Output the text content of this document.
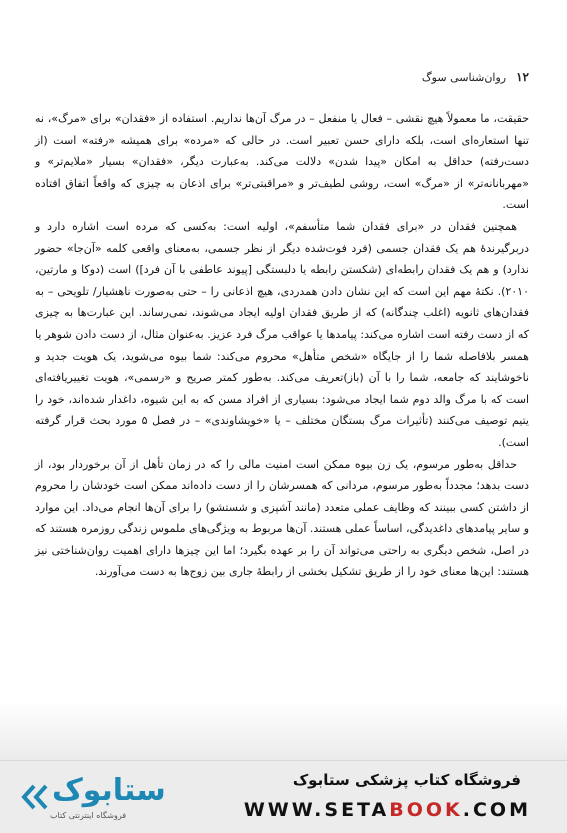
۱۲
روان‌شناسی سوگ

حقیقت، ما معمولاً هیچ نقشی – فعال یا منفعل – در مرگ آن‌ها نداریم. استفاده از «فقدان» برای «مرگ»، نه تنها استعاره‌ای است، بلکه دارای حسن تعبیر است. در حالی که «مرده» برای همیشه «رفته» است (از دست‌رفته) حداقل به امکان «پیدا شدن» دلالت می‌کند. به‌عبارت دیگر، «فقدان» بسیار «ملایم‌تر» و «مهربانانه‌تر» از «مرگ» است، روشی لطیف‌تر و «مراقبتی‌تر» برای اذعان به چیزی که واقعاً اتفاق افتاده است.

همچنین فقدان در «برای فقدان شما متأسفم»، اولیه است: به‌کسی که مرده است اشاره دارد و دربرگیرندهٔ هم یک فقدان جسمی (فرد فوت‌شده دیگر از نظر جسمی، به‌معنای واقعی کلمه «آن‌جا» حضور ندارد) و هم یک فقدان رابطه‌ای (شکستن رابطه یا دلبستگی [پیوند عاطفی با آن فرد]) است (دوکا و مارتین، ۲۰۱۰). نکتهٔ مهم این است که این نشان دادن همدردی، هیچ اذعانی را – حتی به‌صورت ناهشیار/ تلویحی – به فقدان‌های ثانویه (اغلب چندگانه) که از طریق فقدان اولیه ایجاد می‌شوند، نمی‌رساند. این عبارت‌ها به چیزی که از دست رفته است اشاره می‌کند: پیامدها یا عواقب مرگ فرد عزیز. به‌عنوان مثال، از دست دادن شوهر یا همسر بلافاصله شما را از جایگاه «شخص متأهل» محروم می‌کند: شما بیوه می‌شوید، یک هویت جدید و ناخوشایند که جامعه، شما را با آن (باز)تعریف می‌کند. به‌طور کمتر صریح و «رسمی»، هویت تغییریافته‌ای است که با مرگ والد دوم شما ایجاد می‌شود: بسیاری از افراد مسن که به این شیوه، داغدار شده‌اند، خود را یتیم توصیف می‌کنند (تأثیرات مرگ بستگان مختلف – یا «خویشاوندی» – در فصل ۵ مورد بحث قرار گرفته است).

حداقل به‌طور مرسوم، یک زن بیوه ممکن است امنیت مالی را که در زمان تأهل از آن برخوردار بود، از دست بدهد؛ مجدداً به‌طور مرسوم، مردانی که همسرشان را از دست داده‌اند ممکن است خودشان را محروم از داشتن کسی ببینند که وظایف عملی متعدد (مانند آشپزی و شستشو) را برای آن‌ها انجام می‌داد. این موارد و سایر پیامدهای داغدیدگی، اساساً عملی هستند. آن‌ها مربوط به ویژگی‌های ملموس زندگی روزمره هستند که در اصل، شخص دیگری به راحتی می‌تواند آن را بر عهده بگیرد؛ اما این چیزها دارای اهمیت روان‌شناختی نیز هستند: این‌ها معنای خود را از طریق تشکیل بخشی از رابطهٔ جاری بین زوج‌ها به دست می‌آورند.

ستابوک
فروشگاه اینترنتی کتاب
فروشگاه کتاب پزشکی ستابوک
WWW.SETABOOK.COM
